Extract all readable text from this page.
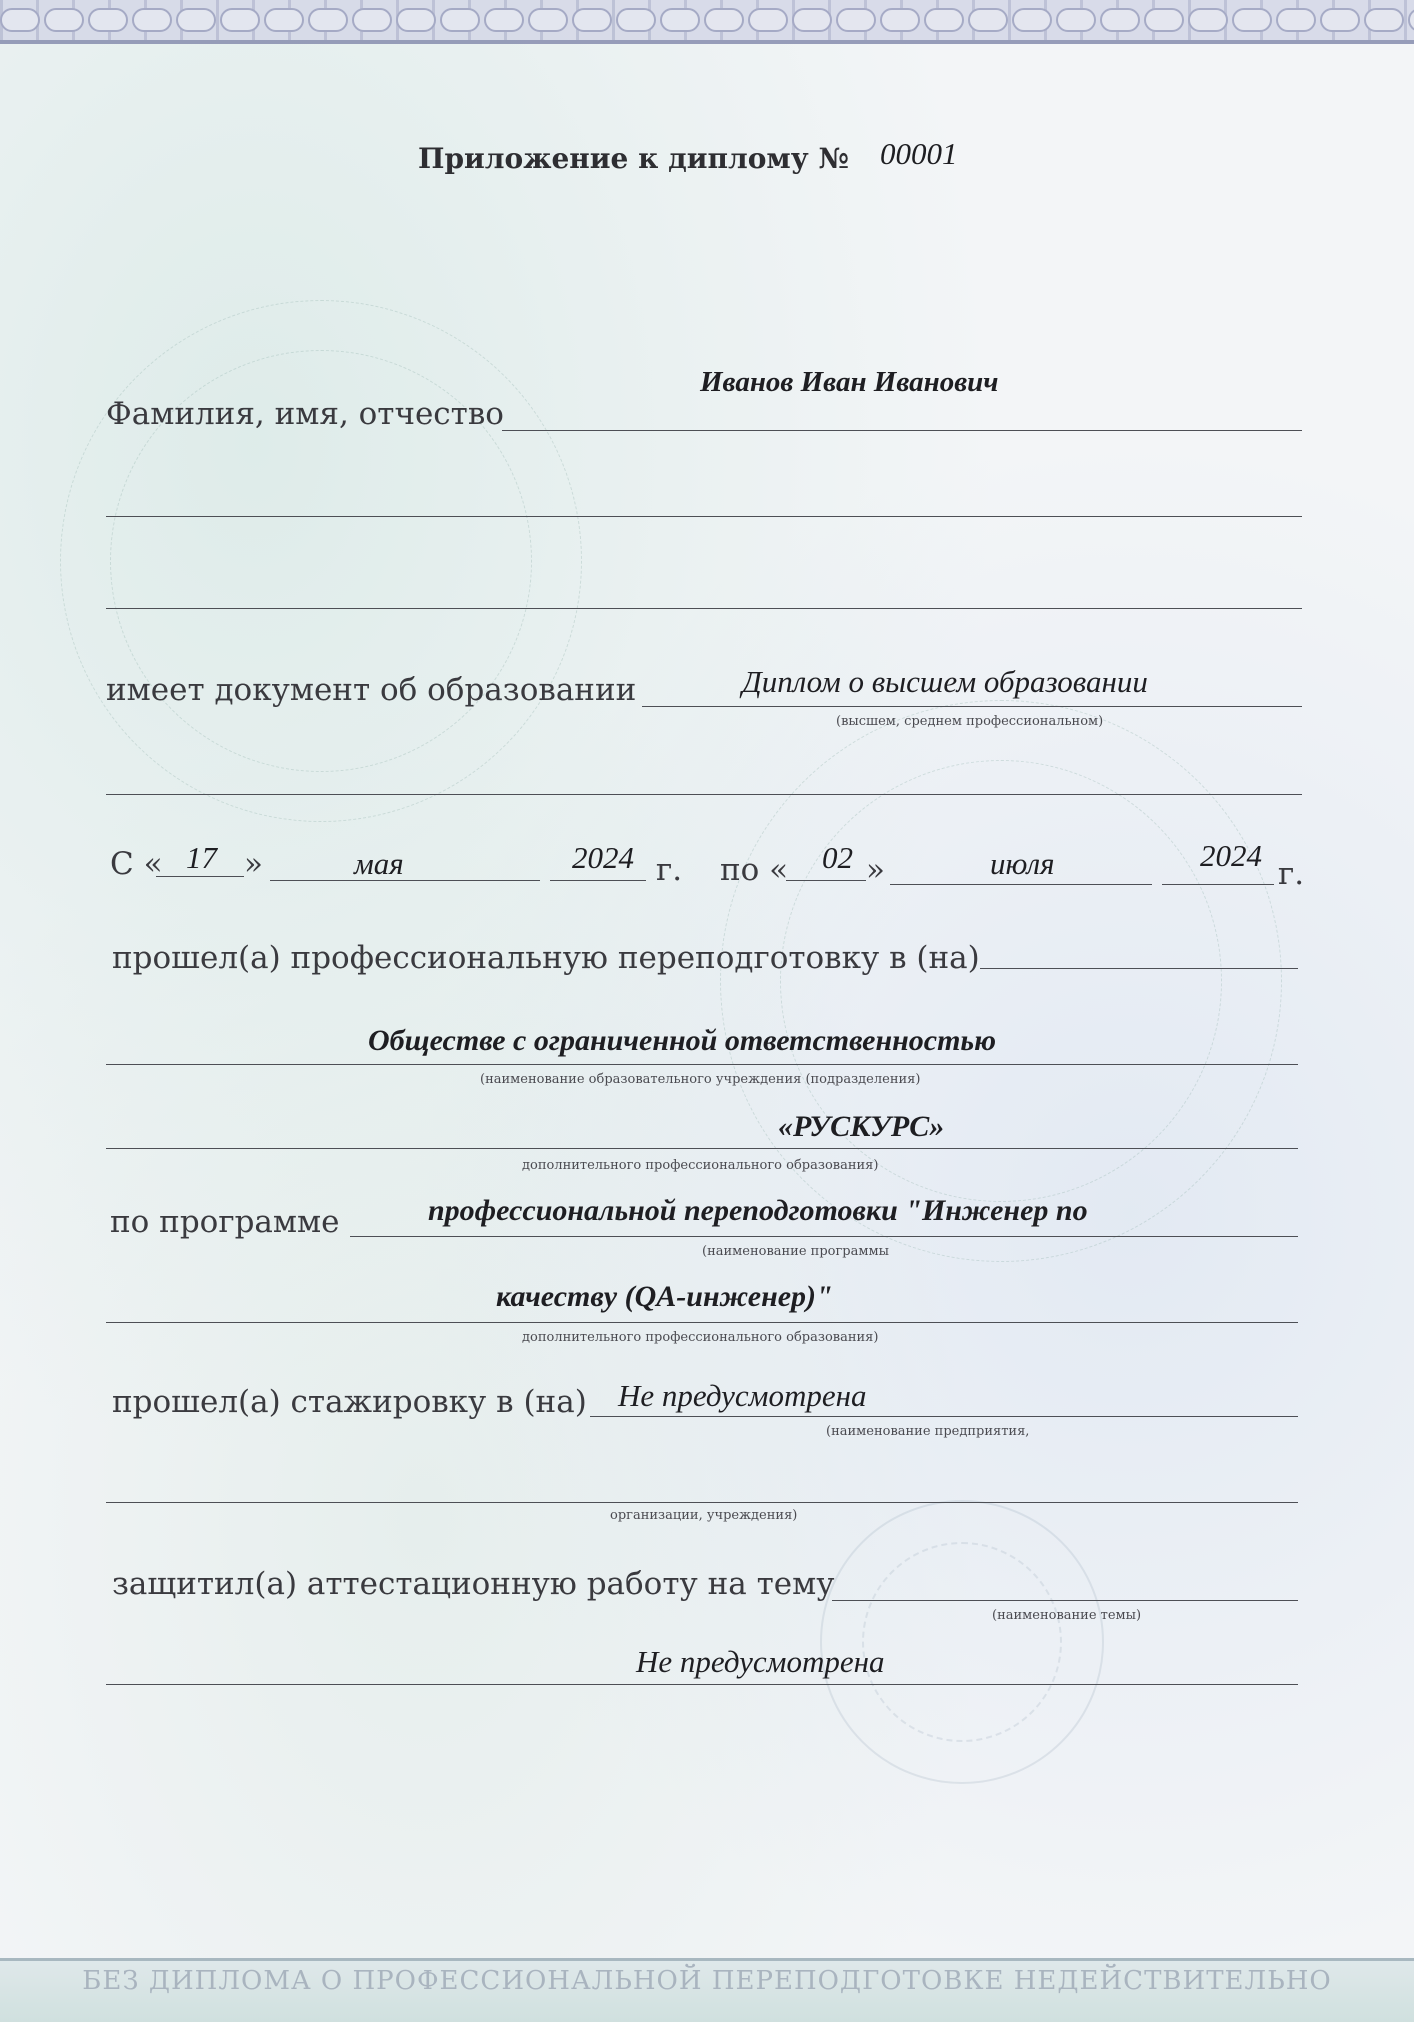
Приложение к диплому № 00001
Иванов Иван Иванович
Фамилия, имя, отчество
Диплом о высшем образовании
имеет документ об образовании
(высшем, среднем профессиональном)
С « 17 »	мая	2024 г. по « 02 »	июля	2024
г.
прошел(а) профессиональную переподготовку в (на)
Обществе с ограниченной ответственностью
(наименование образовательного учреждения (подразделения)
«РУСКУРС»
дополнительного профессионального образования)
по программе	профессиональной переподготовки "Инженер по
(наименование программы
качеству (QA-инженер)"
дополнительного профессионального образования)
прошел(а) стажировку в (на) Не предусмотрена
(наименование предприятия,
организации, учреждения)
защитил(а) аттестационную работу на тему
(наименование темы)
Не предусмотрена
БЕЗ ДИПЛОМА О ПРОФЕССИОНАЛЬНОЙ ПЕРЕПОДГОТОВКЕ НЕДЕЙСТВИТЕЛЬНО
